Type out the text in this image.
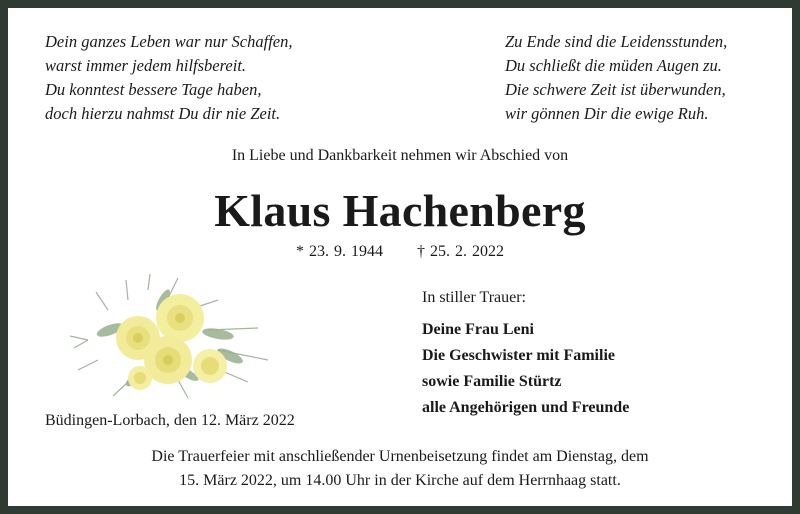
Dein ganzes Leben war nur Schaffen,
warst immer jedem hilfsbereit.
Du konntest bessere Tage haben,
doch hierzu nahmst Du dir nie Zeit.
Zu Ende sind die Leidensstunden,
Du schließt die müden Augen zu.
Die schwere Zeit ist überwunden,
wir gönnen Dir die ewige Ruh.
In Liebe und Dankbarkeit nehmen wir Abschied von
Klaus Hachenberg
* 23. 9. 1944 † 25. 2. 2022
In stiller Trauer:
Deine Frau Leni
Die Geschwister mit Familie
sowie Familie Stürtz
alle Angehörigen und Freunde
Büdingen-Lorbach, den 12. März 2022
Die Trauerfeier mit anschließender Urnenbeisetzung findet am Dienstag, dem
15. März 2022, um 14.00 Uhr in der Kirche auf dem Herrnhaag statt.
